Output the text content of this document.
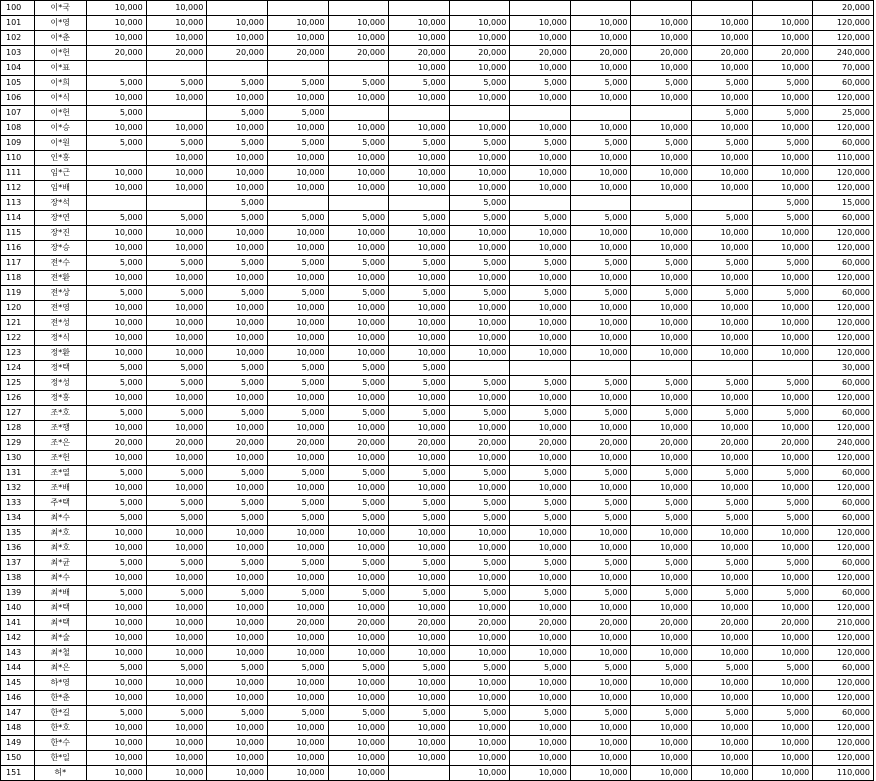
100	이*국	10,000	10,000											20,000
101	이*영	10,000	10,000	10,000	10,000	10,000	10,000	10,000	10,000	10,000	10,000	10,000	10,000	120,000
102	이*춘	10,000	10,000	10,000	10,000	10,000	10,000	10,000	10,000	10,000	10,000	10,000	10,000	120,000
103	이*헌	20,000	20,000	20,000	20,000	20,000	20,000	20,000	20,000	20,000	20,000	20,000	20,000	240,000
104	이*표						10,000	10,000	10,000	10,000	10,000	10,000	10,000	70,000
105	이*희	5,000	5,000	5,000	5,000	5,000	5,000	5,000	5,000	5,000	5,000	5,000	5,000	60,000
106	이*식	10,000	10,000	10,000	10,000	10,000	10,000	10,000	10,000	10,000	10,000	10,000	10,000	120,000
107	이*헌	5,000		5,000	5,000							5,000	5,000	25,000
108	이*승	10,000	10,000	10,000	10,000	10,000	10,000	10,000	10,000	10,000	10,000	10,000	10,000	120,000
109	이*원	5,000	5,000	5,000	5,000	5,000	5,000	5,000	5,000	5,000	5,000	5,000	5,000	60,000
110	인*홍		10,000	10,000	10,000	10,000	10,000	10,000	10,000	10,000	10,000	10,000	10,000	110,000
111	임*근	10,000	10,000	10,000	10,000	10,000	10,000	10,000	10,000	10,000	10,000	10,000	10,000	120,000
112	임*배	10,000	10,000	10,000	10,000	10,000	10,000	10,000	10,000	10,000	10,000	10,000	10,000	120,000
113	장*석			5,000				5,000					5,000	15,000
114	장*연	5,000	5,000	5,000	5,000	5,000	5,000	5,000	5,000	5,000	5,000	5,000	5,000	60,000
115	장*진	10,000	10,000	10,000	10,000	10,000	10,000	10,000	10,000	10,000	10,000	10,000	10,000	120,000
116	장*승	10,000	10,000	10,000	10,000	10,000	10,000	10,000	10,000	10,000	10,000	10,000	10,000	120,000
117	전*수	5,000	5,000	5,000	5,000	5,000	5,000	5,000	5,000	5,000	5,000	5,000	5,000	60,000
118	전*환	10,000	10,000	10,000	10,000	10,000	10,000	10,000	10,000	10,000	10,000	10,000	10,000	120,000
119	전*상	5,000	5,000	5,000	5,000	5,000	5,000	5,000	5,000	5,000	5,000	5,000	5,000	60,000
120	전*영	10,000	10,000	10,000	10,000	10,000	10,000	10,000	10,000	10,000	10,000	10,000	10,000	120,000
121	전*성	10,000	10,000	10,000	10,000	10,000	10,000	10,000	10,000	10,000	10,000	10,000	10,000	120,000
122	정*식	10,000	10,000	10,000	10,000	10,000	10,000	10,000	10,000	10,000	10,000	10,000	10,000	120,000
123	정*환	10,000	10,000	10,000	10,000	10,000	10,000	10,000	10,000	10,000	10,000	10,000	10,000	120,000
124	정*택	5,000	5,000	5,000	5,000	5,000	5,000							30,000
125	정*성	5,000	5,000	5,000	5,000	5,000	5,000	5,000	5,000	5,000	5,000	5,000	5,000	60,000
126	정*홍	10,000	10,000	10,000	10,000	10,000	10,000	10,000	10,000	10,000	10,000	10,000	10,000	120,000
127	조*호	5,000	5,000	5,000	5,000	5,000	5,000	5,000	5,000	5,000	5,000	5,000	5,000	60,000
128	조*행	10,000	10,000	10,000	10,000	10,000	10,000	10,000	10,000	10,000	10,000	10,000	10,000	120,000
129	조*은	20,000	20,000	20,000	20,000	20,000	20,000	20,000	20,000	20,000	20,000	20,000	20,000	240,000
130	조*헌	10,000	10,000	10,000	10,000	10,000	10,000	10,000	10,000	10,000	10,000	10,000	10,000	120,000
131	조*열	5,000	5,000	5,000	5,000	5,000	5,000	5,000	5,000	5,000	5,000	5,000	5,000	60,000
132	조*배	10,000	10,000	10,000	10,000	10,000	10,000	10,000	10,000	10,000	10,000	10,000	10,000	120,000
133	주*택	5,000	5,000	5,000	5,000	5,000	5,000	5,000	5,000	5,000	5,000	5,000	5,000	60,000
134	최*수	5,000	5,000	5,000	5,000	5,000	5,000	5,000	5,000	5,000	5,000	5,000	5,000	60,000
135	최*호	10,000	10,000	10,000	10,000	10,000	10,000	10,000	10,000	10,000	10,000	10,000	10,000	120,000
136	최*호	10,000	10,000	10,000	10,000	10,000	10,000	10,000	10,000	10,000	10,000	10,000	10,000	120,000
137	최*균	5,000	5,000	5,000	5,000	5,000	5,000	5,000	5,000	5,000	5,000	5,000	5,000	60,000
138	최*수	10,000	10,000	10,000	10,000	10,000	10,000	10,000	10,000	10,000	10,000	10,000	10,000	120,000
139	최*배	5,000	5,000	5,000	5,000	5,000	5,000	5,000	5,000	5,000	5,000	5,000	5,000	60,000
140	최*택	10,000	10,000	10,000	10,000	10,000	10,000	10,000	10,000	10,000	10,000	10,000	10,000	120,000
141	최*택	10,000	10,000	10,000	20,000	20,000	20,000	20,000	20,000	20,000	20,000	20,000	20,000	210,000
142	최*술	10,000	10,000	10,000	10,000	10,000	10,000	10,000	10,000	10,000	10,000	10,000	10,000	120,000
143	최*철	10,000	10,000	10,000	10,000	10,000	10,000	10,000	10,000	10,000	10,000	10,000	10,000	120,000
144	최*은	5,000	5,000	5,000	5,000	5,000	5,000	5,000	5,000	5,000	5,000	5,000	5,000	60,000
145	하*영	10,000	10,000	10,000	10,000	10,000	10,000	10,000	10,000	10,000	10,000	10,000	10,000	120,000
146	한*춘	10,000	10,000	10,000	10,000	10,000	10,000	10,000	10,000	10,000	10,000	10,000	10,000	120,000
147	한*길	5,000	5,000	5,000	5,000	5,000	5,000	5,000	5,000	5,000	5,000	5,000	5,000	60,000
148	한*호	10,000	10,000	10,000	10,000	10,000	10,000	10,000	10,000	10,000	10,000	10,000	10,000	120,000
149	한*수	10,000	10,000	10,000	10,000	10,000	10,000	10,000	10,000	10,000	10,000	10,000	10,000	120,000
150	한*일	10,000	10,000	10,000	10,000	10,000	10,000	10,000	10,000	10,000	10,000	10,000	10,000	120,000
151	허*	10,000	10,000	10,000	10,000	10,000		10,000	10,000	10,000	10,000	10,000	10,000	110,000
